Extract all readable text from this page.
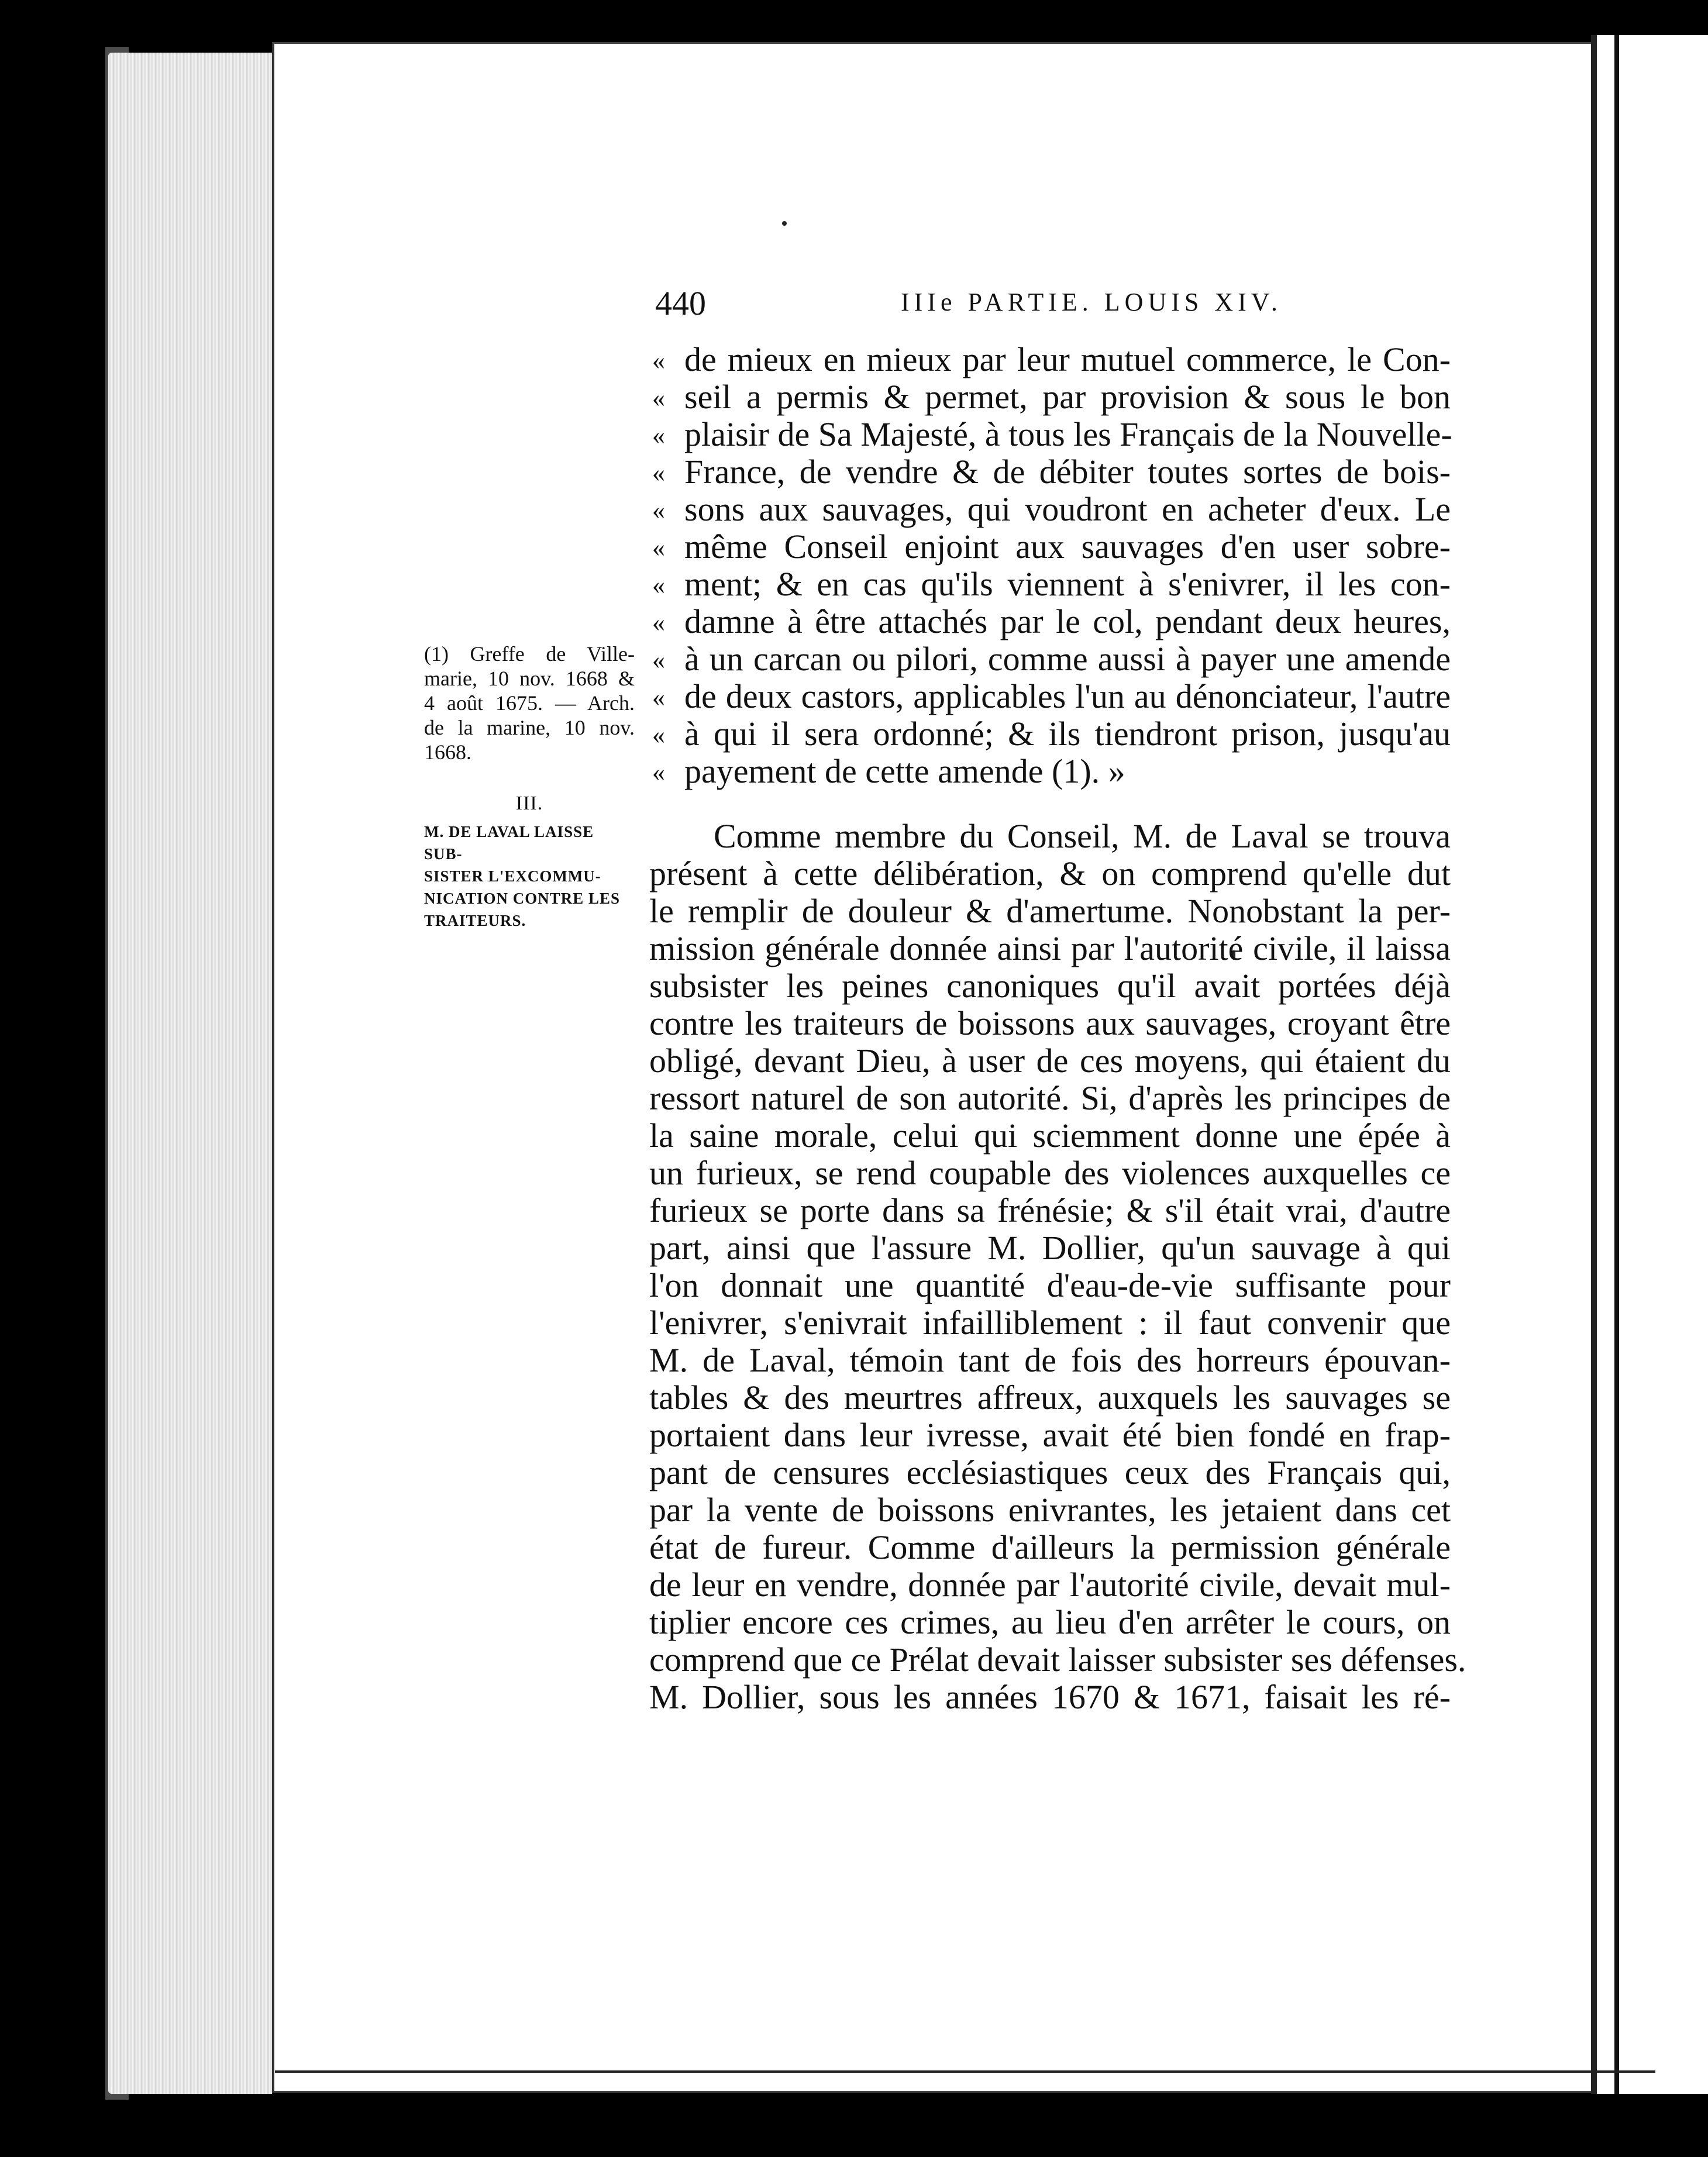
440	IIIe PARTIE. LOUIS XIV.
«
«
«
«
«
«
«
«
«
«
«
«
de mieux en mieux par leur mutuel commerce, le Con-
seil a permis & permet, par provision & sous le bon
plaisir de Sa Majesté, à tous les Français de la Nouvelle-
France, de vendre & de débiter toutes sortes de bois-
sons aux sauvages, qui voudront en acheter d'eux. Le
même Conseil enjoint aux sauvages d'en user sobre-
ment; & en cas qu'ils viennent à s'enivrer, il les con-
damne à être attachés par le col, pendant deux heures,
à un carcan ou pilori, comme aussi à payer une amende
de deux castors, applicables l'un au dénonciateur, l'autre
à qui il sera ordonné; & ils tiendront prison, jusqu'au
payement de cette amende (1). »
(1) Greffe de Ville-
marie, 10 nov. 1668 &
4 août 1675. — Arch.
de la marine, 10 nov.
1668.
III.
M. DE LAVAL LAISSE SUB-
SISTER L'EXCOMMU-
NICATION CONTRE LES
TRAITEURS.
Comme membre du Conseil, M. de Laval se trouva
présent à cette délibération, & on comprend qu'elle dut
le remplir de douleur & d'amertume. Nonobstant la per-
mission générale donnée ainsi par l'autorité civile, il laissa
subsister les peines canoniques qu'il avait portées déjà
contre les traiteurs de boissons aux sauvages, croyant être
obligé, devant Dieu, à user de ces moyens, qui étaient du
ressort naturel de son autorité. Si, d'après les principes de
la saine morale, celui qui sciemment donne une épée à
un furieux, se rend coupable des violences auxquelles ce
furieux se porte dans sa frénésie; & s'il était vrai, d'autre
part, ainsi que l'assure M. Dollier, qu'un sauvage à qui
l'on donnait une quantité d'eau-de-vie suffisante pour
l'enivrer, s'enivrait infailliblement : il faut convenir que
M. de Laval, témoin tant de fois des horreurs épouvan-
tables & des meurtres affreux, auxquels les sauvages se
portaient dans leur ivresse, avait été bien fondé en frap-
pant de censures ecclésiastiques ceux des Français qui,
par la vente de boissons enivrantes, les jetaient dans cet
état de fureur. Comme d'ailleurs la permission générale
de leur en vendre, donnée par l'autorité civile, devait mul-
tiplier encore ces crimes, au lieu d'en arrêter le cours, on
comprend que ce Prélat devait laisser subsister ses défenses.
M. Dollier, sous les années 1670 & 1671, faisait les ré-
